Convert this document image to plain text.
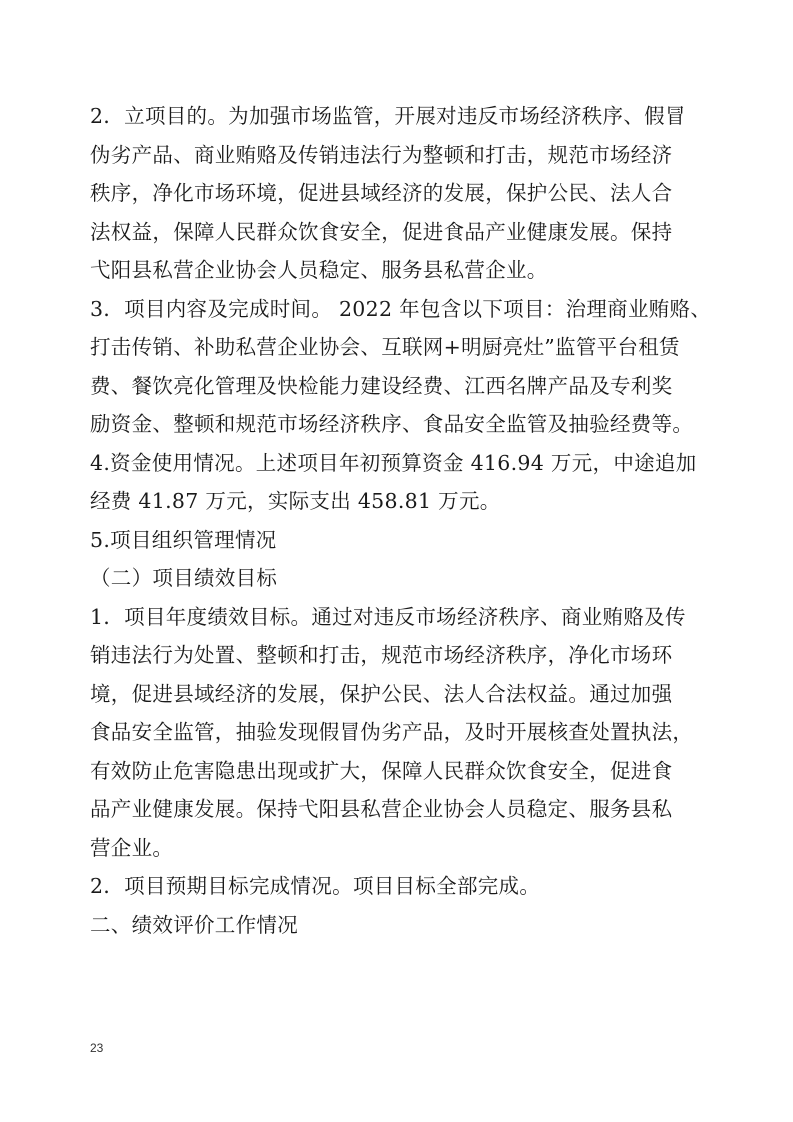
2．立项目的。为加强市场监管，开展对违反市场经济秩序、假冒
伪劣产品、商业贿赂及传销违法行为整顿和打击，规范市场经济
秩序，净化市场环境，促进县域经济的发展，保护公民、法人合
法权益，保障人民群众饮食安全，促进食品产业健康发展。保持
弋阳县私营企业协会人员稳定、服务县私营企业。
3．项目内容及完成时间。 2022 年包含以下项目：治理商业贿赂、
打击传销、补助私营企业协会、互联网+明厨亮灶”监管平台租赁
费、餐饮亮化管理及快检能力建设经费、江西名牌产品及专利奖
励资金、整顿和规范市场经济秩序、食品安全监管及抽验经费等。
4.资金使用情况。上述项目年初预算资金 416.94 万元，中途追加
经费 41.87 万元，实际支出 458.81 万元。
5.项目组织管理情况
（二）项目绩效目标
1．项目年度绩效目标。通过对违反市场经济秩序、商业贿赂及传
销违法行为处置、整顿和打击，规范市场经济秩序，净化市场环
境，促进县域经济的发展，保护公民、法人合法权益。通过加强
食品安全监管，抽验发现假冒伪劣产品，及时开展核查处置执法，
有效防止危害隐患出现或扩大，保障人民群众饮食安全，促进食
品产业健康发展。保持弋阳县私营企业协会人员稳定、服务县私
营企业。
2．项目预期目标完成情况。项目目标全部完成。
二、绩效评价工作情况
23
